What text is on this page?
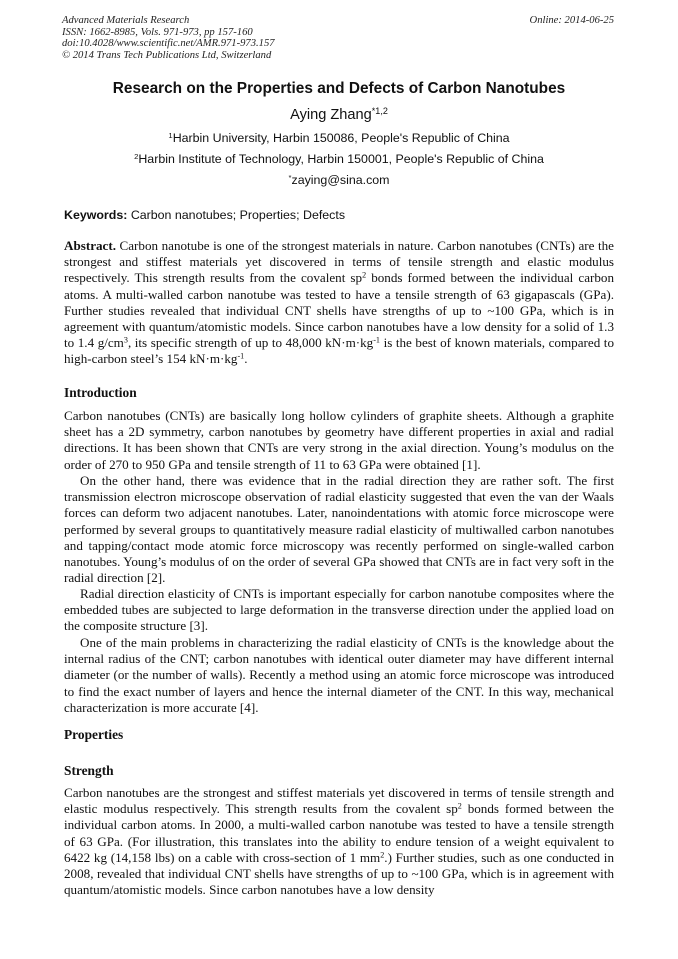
Advanced Materials Research
ISSN: 1662-8985, Vols. 971-973, pp 157-160
doi:10.4028/www.scientific.net/AMR.971-973.157
© 2014 Trans Tech Publications Ltd, Switzerland
Online: 2014-06-25
Research on the Properties and Defects of Carbon Nanotubes
Aying Zhang$^{*1,2}$
$^1$Harbin University, Harbin 150086, People's Republic of China
$^2$Harbin Institute of Technology, Harbin 150001, People's Republic of China
*zaying@sina.com
Keywords: Carbon nanotubes; Properties; Defects
Abstract. Carbon nanotube is one of the strongest materials in nature. Carbon nanotubes (CNTs) are the strongest and stiffest materials yet discovered in terms of tensile strength and elastic modulus respectively. This strength results from the covalent $sp^2$ bonds formed between the individual carbon atoms. A multi-walled carbon nanotube was tested to have a tensile strength of 63 gigapascals (GPa). Further studies revealed that individual CNT shells have strengths of up to ~100 GPa, which is in agreement with quantum/atomistic models. Since carbon nanotubes have a low density for a solid of 1.3 to 1.4 $g/cm^3$, its specific strength of up to 48,000 $kN\cdot m\cdot kg^{-1}$ is the best of known materials, compared to high-carbon steel’s 154 $kN\cdot m\cdot kg^{-1}$.
Introduction
Carbon nanotubes (CNTs) are basically long hollow cylinders of graphite sheets. Although a graphite sheet has a 2D symmetry, carbon nanotubes by geometry have different properties in axial and radial directions. It has been shown that CNTs are very strong in the axial direction. Young’s modulus on the order of 270 to 950 GPa and tensile strength of 11 to 63 GPa were obtained [1].
On the other hand, there was evidence that in the radial direction they are rather soft. The first transmission electron microscope observation of radial elasticity suggested that even the van der Waals forces can deform two adjacent nanotubes. Later, nanoindentations with atomic force microscope were performed by several groups to quantitatively measure radial elasticity of multiwalled carbon nanotubes and tapping/contact mode atomic force microscopy was recently performed on single-walled carbon nanotubes. Young’s modulus of on the order of several GPa showed that CNTs are in fact very soft in the radial direction [2].
Radial direction elasticity of CNTs is important especially for carbon nanotube composites where the embedded tubes are subjected to large deformation in the transverse direction under the applied load on the composite structure [3].
One of the main problems in characterizing the radial elasticity of CNTs is the knowledge about the internal radius of the CNT; carbon nanotubes with identical outer diameter may have different internal diameter (or the number of walls). Recently a method using an atomic force microscope was introduced to find the exact number of layers and hence the internal diameter of the CNT. In this way, mechanical characterization is more accurate [4].
Properties
Strength
Carbon nanotubes are the strongest and stiffest materials yet discovered in terms of tensile strength and elastic modulus respectively. This strength results from the covalent $sp^2$ bonds formed between the individual carbon atoms. In 2000, a multi-walled carbon nanotube was tested to have a tensile strength of 63 GPa. (For illustration, this translates into the ability to endure tension of a weight equivalent to 6422 kg (14,158 lbs) on a cable with cross-section of 1 $mm^2$.) Further studies, such as one conducted in 2008, revealed that individual CNT shells have strengths of up to ~100 GPa, which is in agreement with quantum/atomistic models. Since carbon nanotubes have a low density
